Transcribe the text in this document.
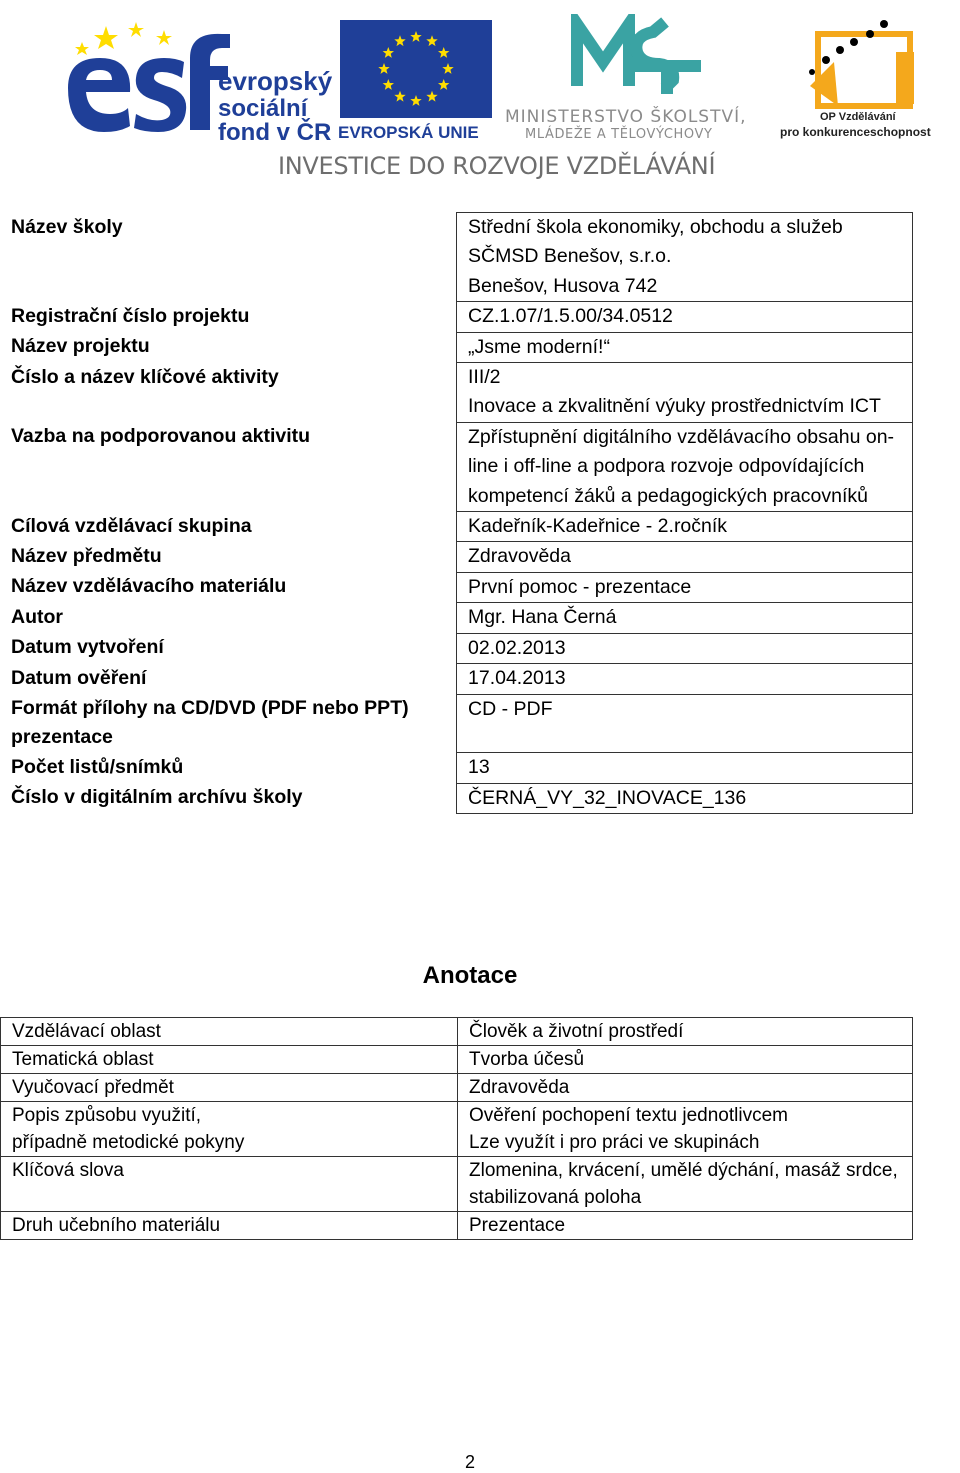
evropský
sociální
fond v ČR EVROPSKÁ UNIE
MINISTERSTVO ŠKOLSTVÍ,
MLÁDEŽE A TĚLOVÝCHOVY
OP Vzdělávání
pro konkurenceschopnost
INVESTICE DO ROZVOJE VZDĚLÁVÁNÍ
Název školy	Střední škola ekonomiky, obchodu a služeb SČMSD Benešov, s.r.o.
Benešov, Husova 742
Registrační číslo projektu	CZ.1.07/1.5.00/34.0512
Název projektu	„Jsme moderní!“
Číslo a název klíčové aktivity	III/2
Inovace a zkvalitnění výuky prostřednictvím ICT
Vazba na podporovanou aktivitu	Zpřístupnění digitálního vzdělávacího obsahu on-line i off-line a podpora rozvoje odpovídajících kompetencí žáků a pedagogických pracovníků
Cílová vzdělávací skupina	Kadeřník-Kadeřnice - 2.ročník
Název předmětu	Zdravověda
Název vzdělávacího materiálu	První pomoc - prezentace
Autor	Mgr. Hana Černá
Datum vytvoření	02.02.2013
Datum ověření	17.04.2013
Formát přílohy na CD/DVD (PDF nebo PPT) prezentace	CD - PDF
Počet listů/snímků	13
Číslo v digitálním archívu školy	ČERNÁ_VY_32_INOVACE_136
Anotace
Vzdělávací oblast	Člověk a životní prostředí
Tematická oblast	Tvorba účesů
Vyučovací předmět	Zdravověda
Popis způsobu využití,
případně metodické pokyny	Ověření pochopení textu jednotlivcem
Lze využít i pro práci ve skupinách
Klíčová slova	Zlomenina, krvácení, umělé dýchání, masáž srdce, stabilizovaná poloha
Druh učebního materiálu	Prezentace
2
